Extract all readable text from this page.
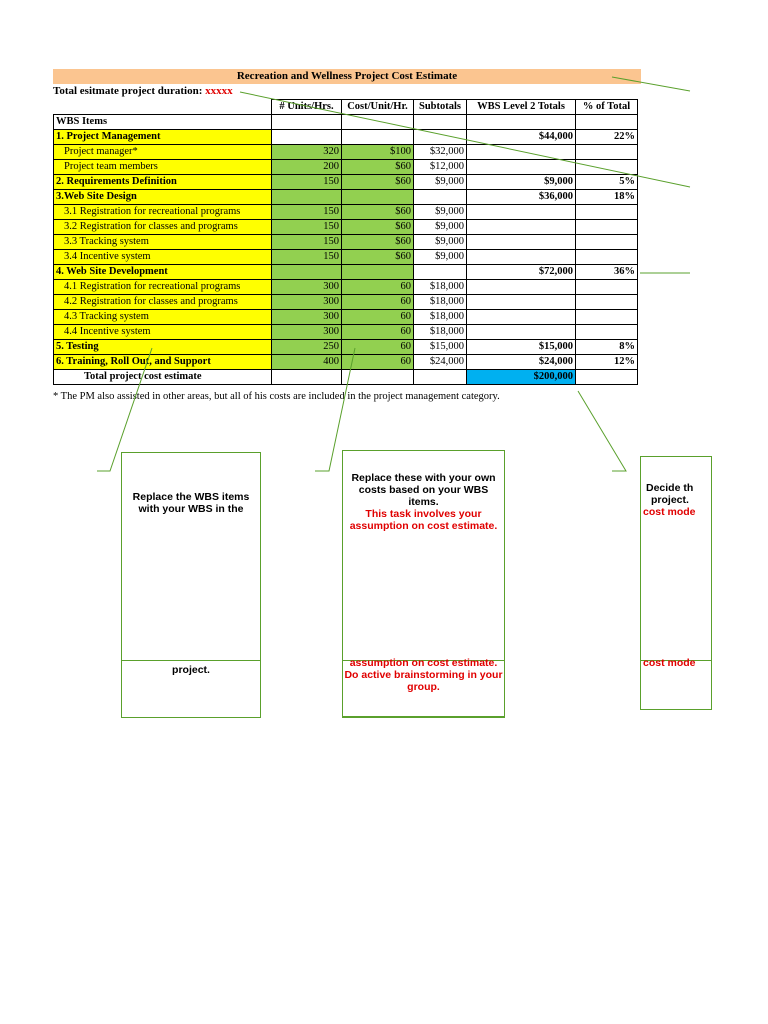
Recreation and Wellness Project Cost Estimate
Total esitmate project duration: xxxxx
	# Units/Hrs.	Cost/Unit/Hr.	Subtotals	WBS Level 2 Totals	% of Total
WBS Items					
1. Project Management				$44,000	22%
Project manager*	320	$100	$32,000		
Project team members	200	$60	$12,000		
2. Requirements Definition	150	$60	$9,000	$9,000	5%
3.Web Site Design				$36,000	18%
3.1 Registration for recreational programs	150	$60	$9,000		
3.2 Registration for classes and programs	150	$60	$9,000		
3.3 Tracking system	150	$60	$9,000		
3.4 Incentive system	150	$60	$9,000		
4. Web Site Development				$72,000	36%
4.1 Registration for recreational programs	300	60	$18,000		
4.2 Registration for classes and programs	300	60	$18,000		
4.3 Tracking system	300	60	$18,000		
4.4 Incentive system	300	60	$18,000		
5. Testing	250	60	$15,000	$15,000	8%
6. Training, Roll Out, and Support	400	60	$24,000	$24,000	12%
Total project cost estimate				$200,000	
* The PM also assisted in other areas, but all of his costs are included in the project management category.
Replace the WBS items with your WBS in the
Replace these with your own costs based on your WBS items.
This task involves your assumption on cost estimate.
Decide th
project.
cost mode
project.
assumption on cost estimate.
Do active brainstorming in your group.
cost mode
